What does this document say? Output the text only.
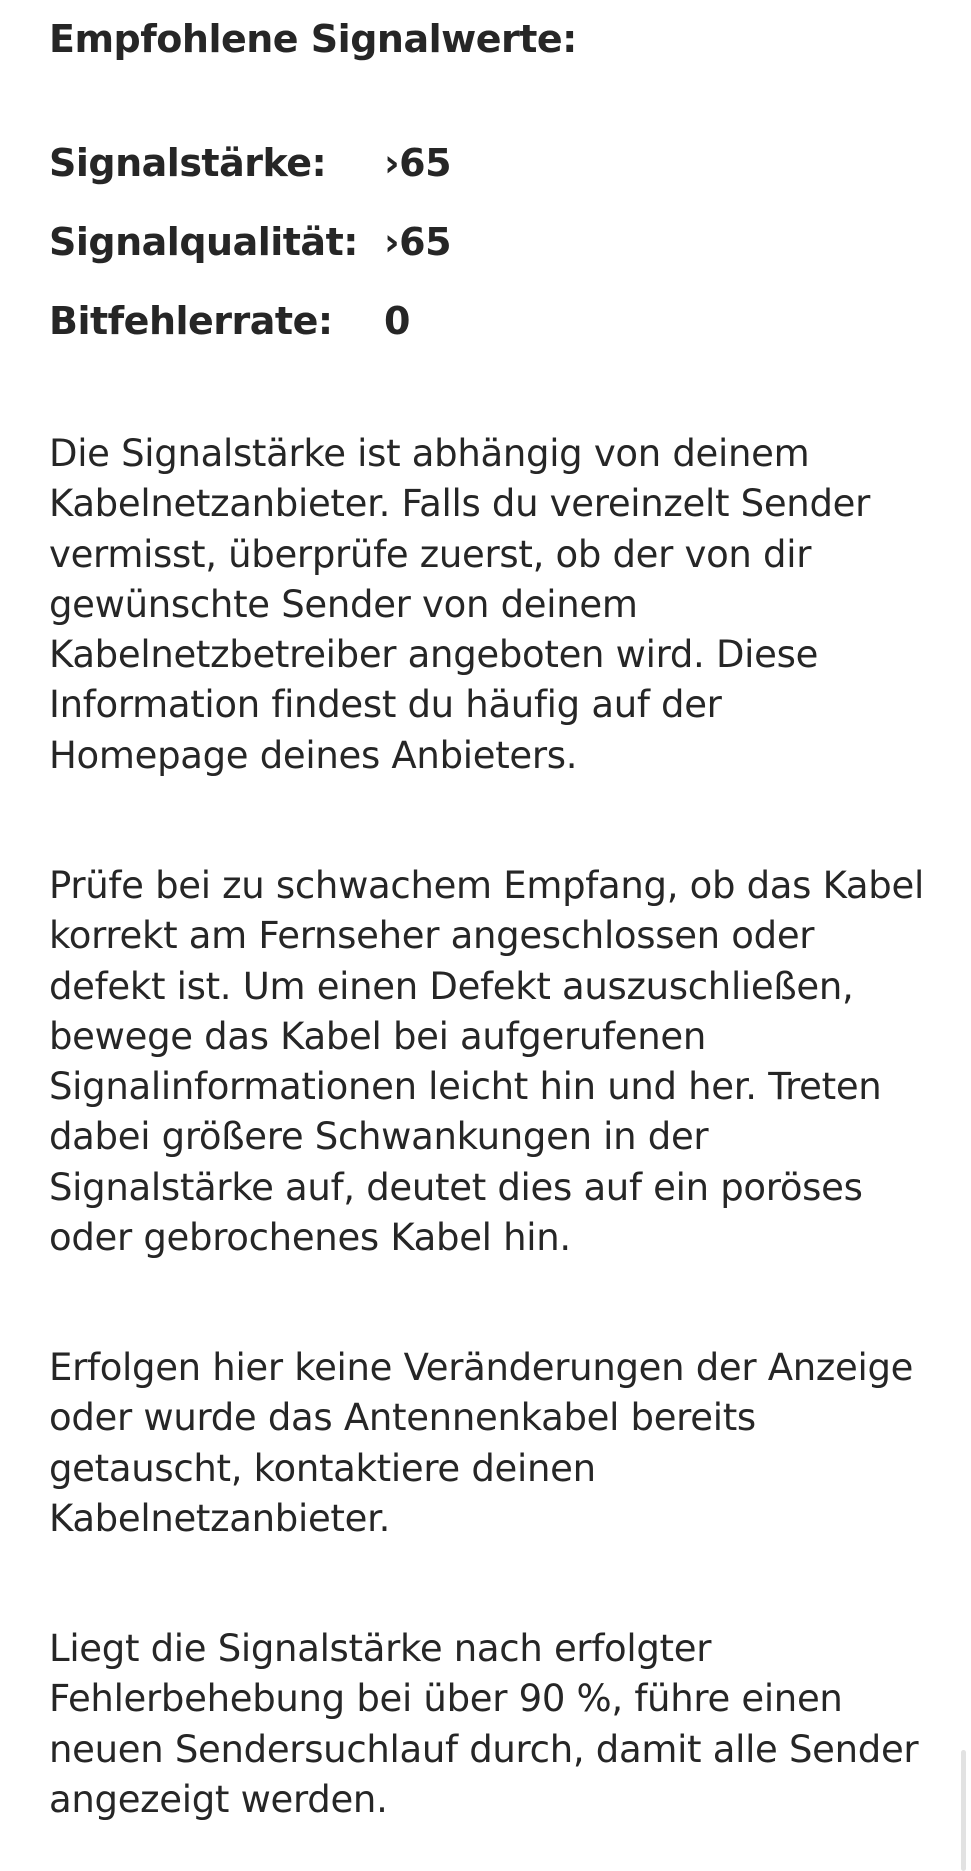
Empfohlene Signalwerte:
Signalstärke:	›65
Signalqualität: ›65
Bitfehlerrate:	0

Die Signalstärke ist abhängig von deinem Kabelnetzanbieter. Falls du vereinzelt Sender vermisst, überprüfe zuerst, ob der von dir gewünschte Sender von deinem Kabelnetzbetreiber angeboten wird. Diese Information findest du häufig auf der Homepage deines Anbieters.

Prüfe bei zu schwachem Empfang, ob das Kabel korrekt am Fernseher angeschlossen oder defekt ist. Um einen Defekt auszuschließen, bewege das Kabel bei aufgerufenen Signalinformationen leicht hin und her. Treten dabei größere Schwankungen in der Signalstärke auf, deutet dies auf ein poröses oder gebrochenes Kabel hin.

Erfolgen hier keine Veränderungen der Anzeige oder wurde das Antennenkabel bereits getauscht, kontaktiere deinen Kabelnetzanbieter.

Liegt die Signalstärke nach erfolgter Fehlerbehebung bei über 90 %, führe einen neuen Sendersuchlauf durch, damit alle Sender angezeigt werden.
